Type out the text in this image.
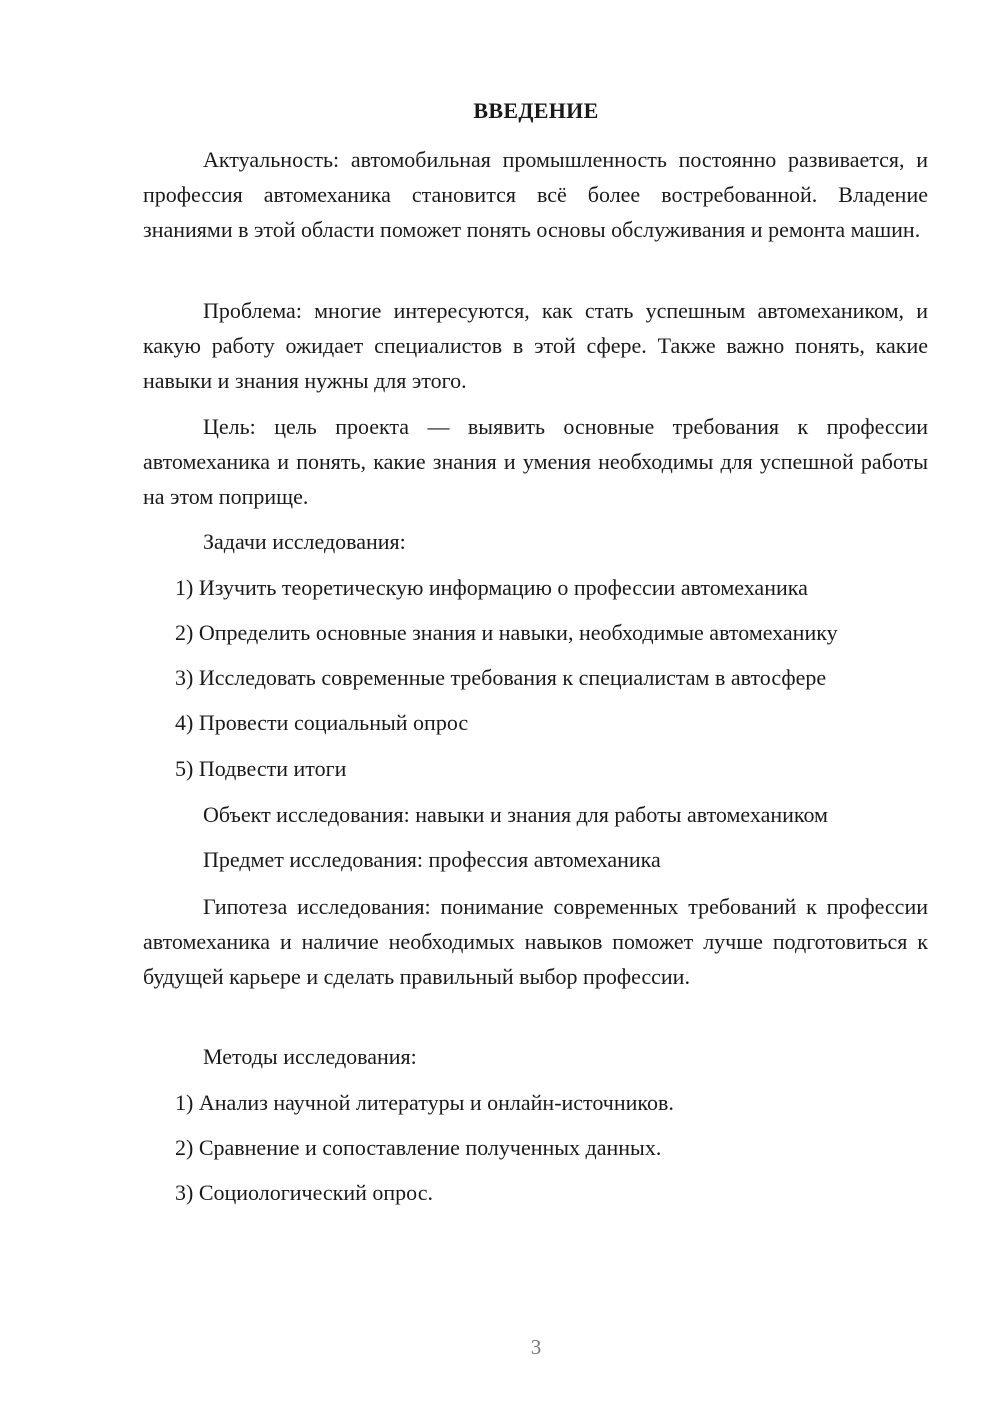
ВВЕДЕНИЕ

Актуальность: автомобильная промышленность постоянно развивается, и профессия автомеханика становится всё более востребованной. Владение знаниями в этой области поможет понять основы обслуживания и ремонта машин.

Проблема: многие интересуются, как стать успешным автомехаником, и какую работу ожидает специалистов в этой сфере. Также важно понять, какие навыки и знания нужны для этого.

Цель: цель проекта — выявить основные требования к профессии автомеханика и понять, какие знания и умения необходимы для успешной работы на этом поприще.

Задачи исследования:

1) Изучить теоретическую информацию о профессии автомеханика

2) Определить основные знания и навыки, необходимые автомеханику

3) Исследовать современные требования к специалистам в автосфере

4) Провести социальный опрос

5) Подвести итоги

Объект исследования: навыки и знания для работы автомехаником

Предмет исследования: профессия автомеханика

Гипотеза исследования: понимание современных требований к профессии автомеханика и наличие необходимых навыков поможет лучше подготовиться к будущей карьере и сделать правильный выбор профессии.

Методы исследования:

1) Анализ научной литературы и онлайн-источников.

2) Сравнение и сопоставление полученных данных.

3) Социологический опрос.

3
